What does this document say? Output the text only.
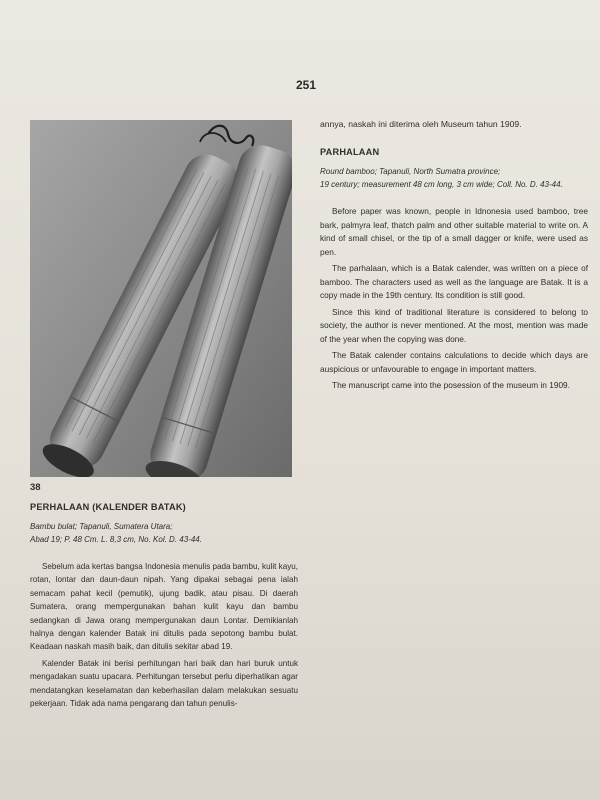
251

annya, naskah ini diterima oleh Museum tahun 1909.

PARHALAAN

Round bamboo; Tapanuli, North Sumatra province;
19 century; measurement 48 cm long, 3 cm wide; Coll. No. D. 43-44.

Before paper was known, people in Idnonesia used bamboo, tree bark, palmyra leaf, thatch palm and other suitable material to write on. A kind of small chisel, or the tip of a small dagger or knife, were used as pen.

The parhalaan, which is a Batak calender, was written on a piece of bamboo. The characters used as well as the language are Batak. It is a copy made in the 19th century. Its condition is still good.

Since this kind of traditional literature is considered to belong to society, the author is never mentioned. At the most, mention was made of the year when the copying was done.

The Batak calender contains calculations to decide which days are auspicious or unfavourable to engage in important matters.

The manuscript came into the posession of the museum in 1909.

38

PERHALAAN (KALENDER BATAK)

Bambu bulat; Tapanuli, Sumatera Utara;
Abad 19; P. 48 Cm. L. 8,3 cm, No. Kol. D. 43-44.

Sebelum ada kertas bangsa Indonesia menulis pada bambu, kulit kayu, rotan, lontar dan daun-daun nipah. Yang dipakai sebagai pena ialah semacam pahat kecil (pemutik), ujung badik, atau pisau. Di daerah Sumatera, orang mempergunakan bahan kulit kayu dan bambu sedangkan di Jawa orang mempergunakan daun Lontar. Demikianlah halnya dengan kalender Batak ini ditulis pada sepotong bambu bulat. Keadaan naskah masih baik, dan ditulis sekitar abad 19.

Kalender Batak ini berisi perhitungan hari baik dan hari buruk untuk mengadakan suatu upacara. Perhitungan tersebut perlu diperhatikan agar mendatangkan keselamatan dan keberhasilan dalam melakukan sesuatu pekerjaan. Tidak ada nama pengarang dan tahun penulis-
